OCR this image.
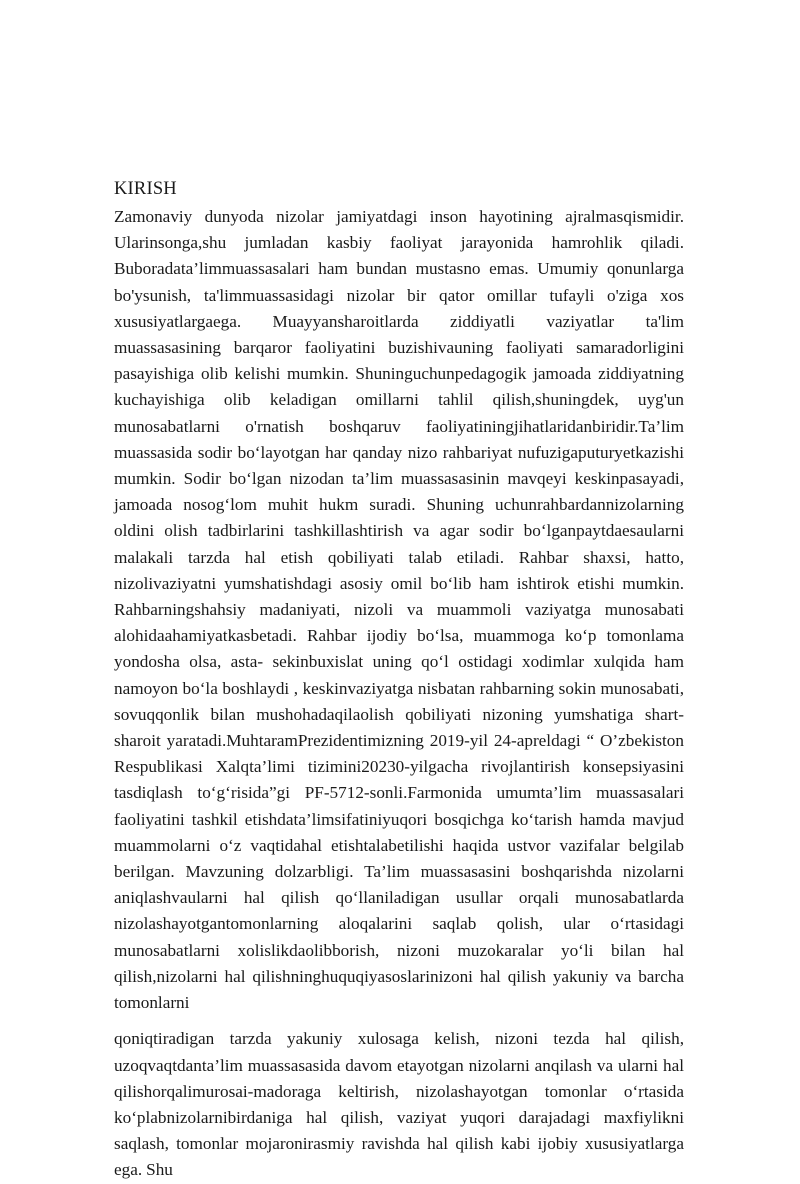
KIRISH

Zamonaviy dunyoda nizolar jamiyatdagi inson hayotining ajralmasqismidir. Ularinsonga,shu jumladan kasbiy faoliyat jarayonida hamrohlik qiladi. Buboradata’limmuassasalari ham bundan mustasno emas. Umumiy qonunlarga bo'ysunish, ta'limmuassasidagi nizolar bir qator omillar tufayli o'ziga xos xususiyatlargaega. Muayyansharoitlarda ziddiyatli vaziyatlar ta'lim muassasasining barqaror faoliyatini buzishivauning faoliyati samaradorligini pasayishiga olib kelishi mumkin. Shuninguchunpedagogik jamoada ziddiyatning kuchayishiga olib keladigan omillarni tahlil qilish,shuningdek, uyg'un munosabatlarni o'rnatish boshqaruv faoliyatiningjihatlaridanbiridir.Ta’lim muassasida sodir bo‘layotgan har qanday nizo rahbariyat nufuzigaputuryetkazishi mumkin. Sodir bo‘lgan nizodan ta’lim muassasasinin mavqeyi keskinpasayadi, jamoada nosog‘lom muhit hukm suradi. Shuning uchunrahbardannizolarning oldini olish tadbirlarini tashkillashtirish va agar sodir bo‘lganpaytdaesaularni malakali tarzda hal etish qobiliyati talab etiladi. Rahbar shaxsi, hatto, nizolivaziyatni yumshatishdagi asosiy omil bo‘lib ham ishtirok etishi mumkin. Rahbarningshahsiy madaniyati, nizoli va muammoli vaziyatga munosabati alohidaahamiyatkasbetadi. Rahbar ijodiy bo‘lsa, muammoga ko‘p tomonlama yondosha olsa, asta- sekinbuxislat uning qo‘l ostidagi xodimlar xulqida ham namoyon bo‘la boshlaydi , keskinvaziyatga nisbatan rahbarning sokin munosabati, sovuqqonlik bilan mushohadaqilaolish qobiliyati nizoning yumshatiga shart-sharoit yaratadi.MuhtaramPrezidentimizning 2019-yil 24-apreldagi “ O’zbekiston Respublikasi Xalqta’limi tizimini20230-yilgacha rivojlantirish konsepsiyasini tasdiqlash to‘g‘risida”gi PF-5712-sonli.Farmonida umumta’lim muassasalari faoliyatini tashkil etishdata’limsifatiniyuqori bosqichga ko‘tarish hamda mavjud muammolarni o‘z vaqtidahal etishtalabetilishi haqida ustvor vazifalar belgilab berilgan. Mavzuning dolzarbligi. Ta’lim muassasasini boshqarishda nizolarni aniqlashvaularni hal qilish qo‘llaniladigan usullar orqali munosabatlarda nizolashayotgantomonlarning aloqalarini saqlab qolish, ular o‘rtasidagi munosabatlarni xolislikdaolibborish, nizoni muzokaralar yo‘li bilan hal qilish,nizolarni hal qilishninghuquqiyasoslarinizoni hal qilish yakuniy va barcha tomonlarni

qoniqtiradigan tarzda yakuniy xulosaga kelish, nizoni tezda hal qilish, uzoqvaqtdanta’lim muassasasida davom etayotgan nizolarni anqilash va ularni hal qilishorqalimurosai-madoraga keltirish, nizolashayotgan tomonlar o‘rtasida ko‘plabnizolarnibirdaniga hal qilish, vaziyat yuqori darajadagi maxfiylikni saqlash, tomonlar mojaronirasmiy ravishda hal qilish kabi ijobiy xususiyatlarga ega. Shu
